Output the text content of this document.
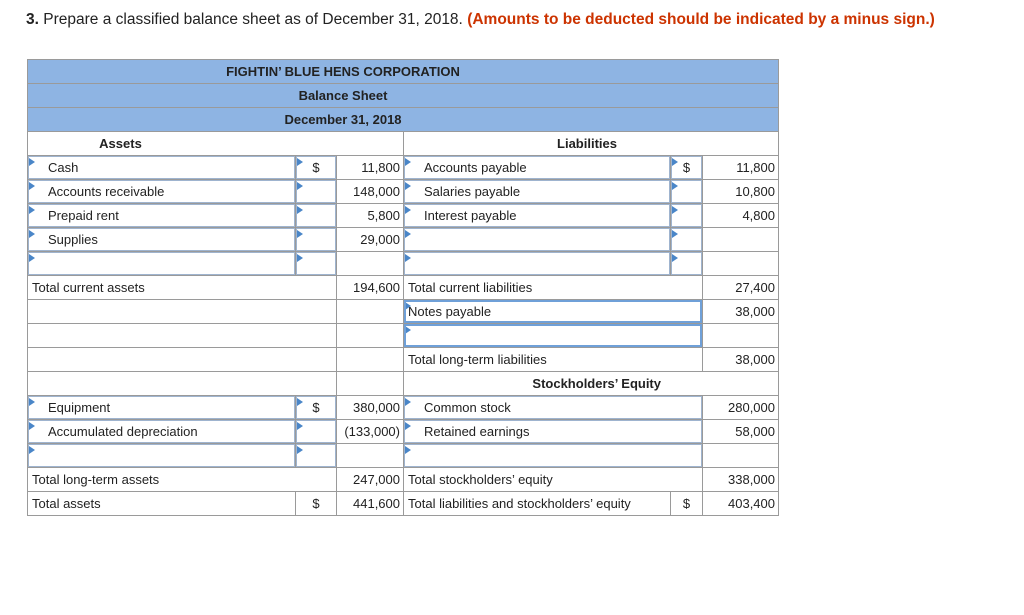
3. Prepare a classified balance sheet as of December 31, 2018. (Amounts to be deducted should be indicated by a minus sign.)
FIGHTIN’ BLUE HENS CORPORATION					
Balance Sheet					
December 31, 2018					
Assets			Liabilities		
Cash	$	11,800	Accounts payable	$	11,800
Accounts receivable		148,000	Salaries payable		10,800
Prepaid rent		5,800	Interest payable		4,800
Supplies		29,000			

Total current assets		194,600	Total current liabilities		27,400
			Notes payable		38,000

			Total long-term liabilities		38,000
			Stockholders’ Equity		
Equipment	$	380,000	Common stock		280,000
Accumulated depreciation		(133,000)	Retained earnings		58,000

Total long-term assets		247,000	Total stockholders’ equity		338,000
Total assets	$	441,600	Total liabilities and stockholders’ equity	$	403,400
